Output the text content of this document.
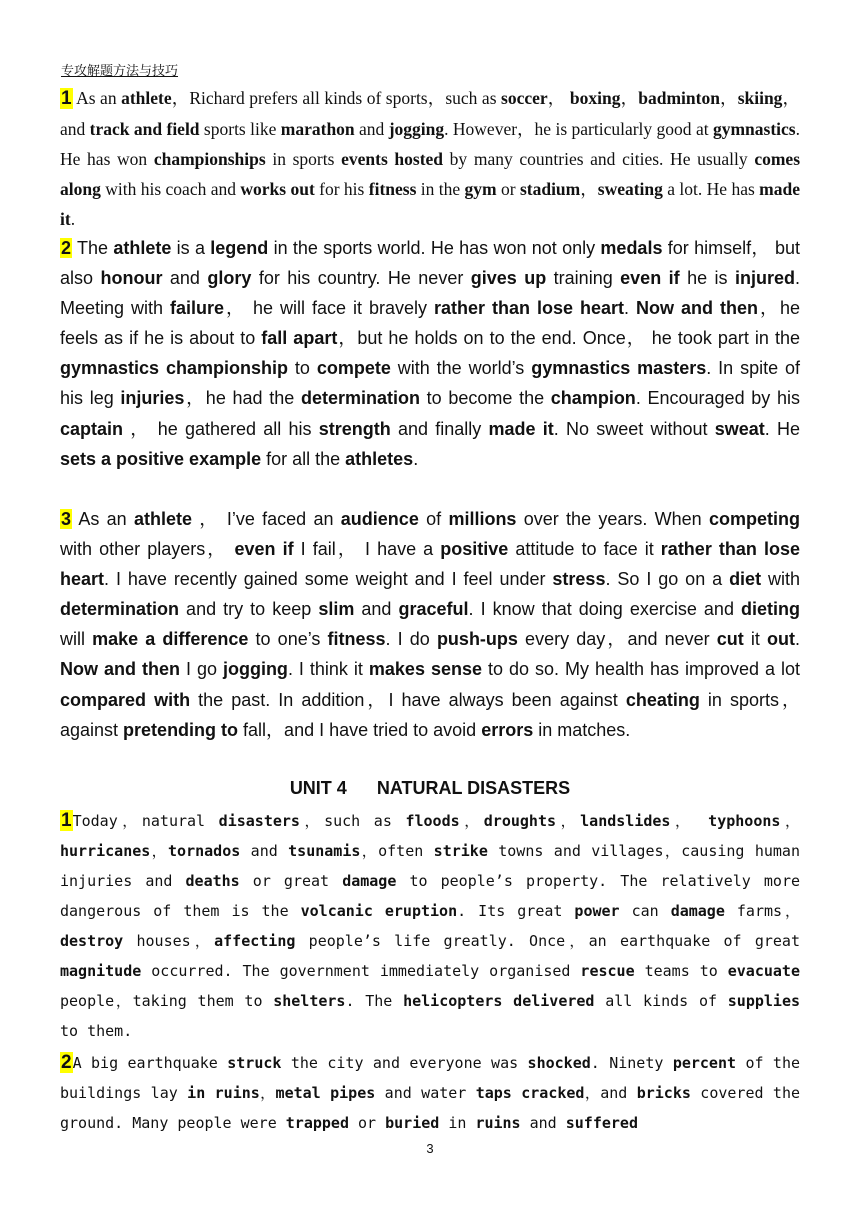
专攻解题方法与技巧
1 As an athlete，Richard prefers all kinds of sports，such as soccer， boxing，badminton，skiing，and track and field sports like marathon and jogging. However，he is particularly good at gymnastics. He has won championships in sports events hosted by many countries and cities. He usually comes along with his coach and works out for his fitness in the gym or stadium，sweating a lot. He has made it.
2 The athlete is a legend in the sports world. He has won not only medals for himself， but also honour and glory for his country. He never gives up training even if he is injured. Meeting with failure， he will face it bravely rather than lose heart. Now and then，he feels as if he is about to fall apart，but he holds on to the end. Once， he took part in the gymnastics championship to compete with the world’s gymnastics masters. In spite of his leg injuries，he had the determination to become the champion. Encouraged by his captain ， he gathered all his strength and finally made it. No sweet without sweat. He sets a positive example for all the athletes.
3 As an athlete ， I’ve faced an audience of millions over the years. When competing with other players， even if I fail， I have a positive attitude to face it rather than lose heart. I have recently gained some weight and I feel under stress. So I go on a diet with determination and try to keep slim and graceful. I know that doing exercise and dieting will make a difference to one’s fitness. I do push-ups every day，and never cut it out. Now and then I go jogging. I think it makes sense to do so. My health has improved a lot compared with the past. In addition，I have always been against cheating in sports，against pretending to fall，and I have tried to avoid errors in matches.
UNIT 4      NATURAL DISASTERS
1Today，natural disasters，such as floods，droughts，landslides， typhoons，hurricanes，tornados and tsunamis，often strike towns and villages，causing human injuries and deaths or great damage to people’s property. The relatively more dangerous of them is the volcanic eruption. Its great power can damage farms，destroy houses，affecting people’s life greatly. Once，an earthquake of great magnitude occurred. The government immediately organised rescue teams to evacuate people，taking them to shelters. The helicopters delivered all kinds of supplies to them.
2A big earthquake struck the city and everyone was shocked. Ninety percent of the buildings lay in ruins，metal pipes and water taps cracked，and bricks covered the ground. Many people were trapped or buried in ruins and suffered
3
